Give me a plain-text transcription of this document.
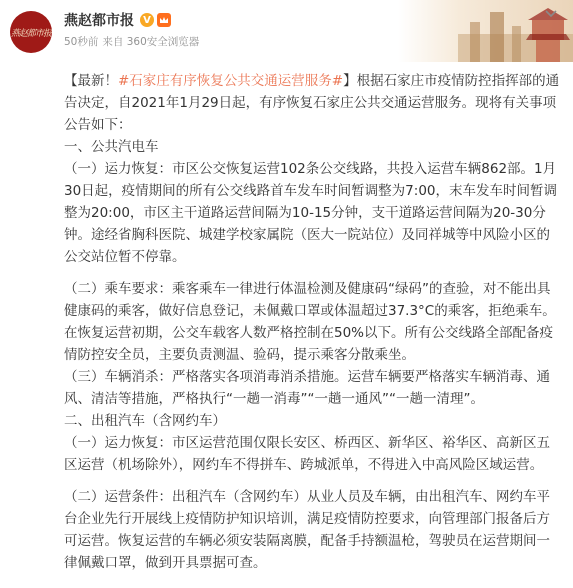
燕赵都市报
燕赵都市报 V
50秒前 来自 360安全浏览器

【最新！#石家庄有序恢复公共交通运营服务#】根据石家庄市疫情防控指挥部的通告决定，自2021年1月29日起，有序恢复石家庄公共交通运营服务。现将有关事项公告如下：

一、公共汽电车

（一）运力恢复：市区公交恢复运营102条公交线路，共投入运营车辆862部。1月30日起，疫情期间的所有公交线路首车发车时间暂调整为7:00，末车发车时间暂调整为20:00，市区主干道路运营间隔为10-15分钟，支干道路运营间隔为20-30分钟。途经省胸科医院、城建学校家属院（医大一院站位）及同祥城等中风险小区的公交站位暂不停靠。

（二）乘车要求：乘客乘车一律进行体温检测及健康码“绿码”的查验，对不能出具健康码的乘客，做好信息登记，未佩戴口罩或体温超过37.3°C的乘客，拒绝乘车。在恢复运营初期，公交车载客人数严格控制在50%以下。所有公交线路全部配备疫情防控安全员，主要负责测温、验码，提示乘客分散乘坐。

（三）车辆消杀：严格落实各项消毒消杀措施。运营车辆要严格落实车辆消毒、通风、清洁等措施，严格执行“一趟一消毒”“一趟一通风”“一趟一清理”。

二、出租汽车（含网约车）

（一）运力恢复：市区运营范围仅限长安区、桥西区、新华区、裕华区、高新区五区运营（机场除外），网约车不得拼车、跨城派单，不得进入中高风险区域运营。

（二）运营条件：出租汽车（含网约车）从业人员及车辆，由出租汽车、网约车平台企业先行开展线上疫情防护知识培训，满足疫情防控要求，向管理部门报备后方可运营。恢复运营的车辆必须安装隔离膜，配备手持额温枪，驾驶员在运营期间一律佩戴口罩，做到开具票据可查。
